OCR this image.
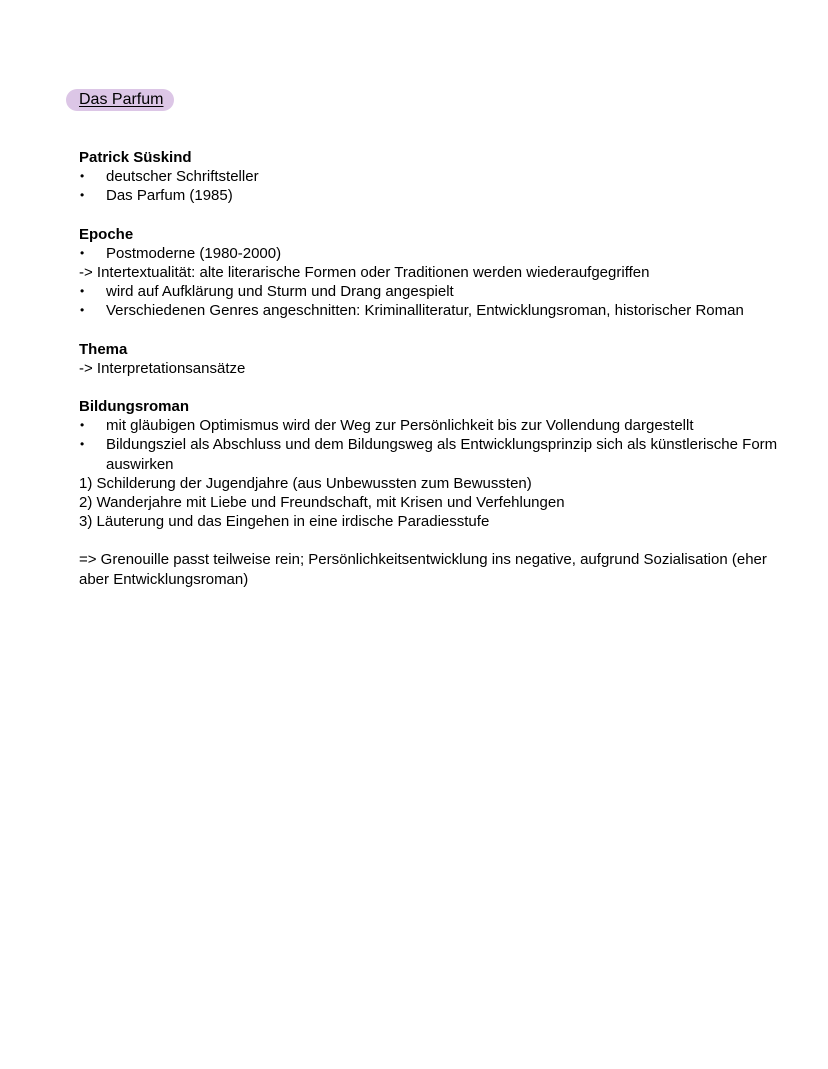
Das Parfum

Patrick Süskind

• deutscher Schriftsteller
• Das Parfum (1985)

Epoche

• Postmoderne (1980-2000)

-> Intertextualität: alte literarische Formen oder Traditionen werden wiederaufgegriffen

• wird auf Aufklärung und Sturm und Drang angespielt
• Verschiedenen Genres angeschnitten: Kriminalliteratur, Entwicklungsroman, historischer Roman

Thema

-> Interpretationsansätze

Bildungsroman

• mit gläubigen Optimismus wird der Weg zur Persönlichkeit bis zur Vollendung dargestellt
• Bildungsziel als Abschluss und dem Bildungsweg als Entwicklungsprinzip sich als künstlerische Form auswirken

1) Schilderung der Jugendjahre (aus Unbewussten zum Bewussten)

2) Wanderjahre mit Liebe und Freundschaft, mit Krisen und Verfehlungen

3) Läuterung und das Eingehen in eine irdische Paradiesstufe

=> Grenouille passt teilweise rein; Persönlichkeitsentwicklung ins negative, aufgrund Sozialisation (eher aber Entwicklungsroman)
